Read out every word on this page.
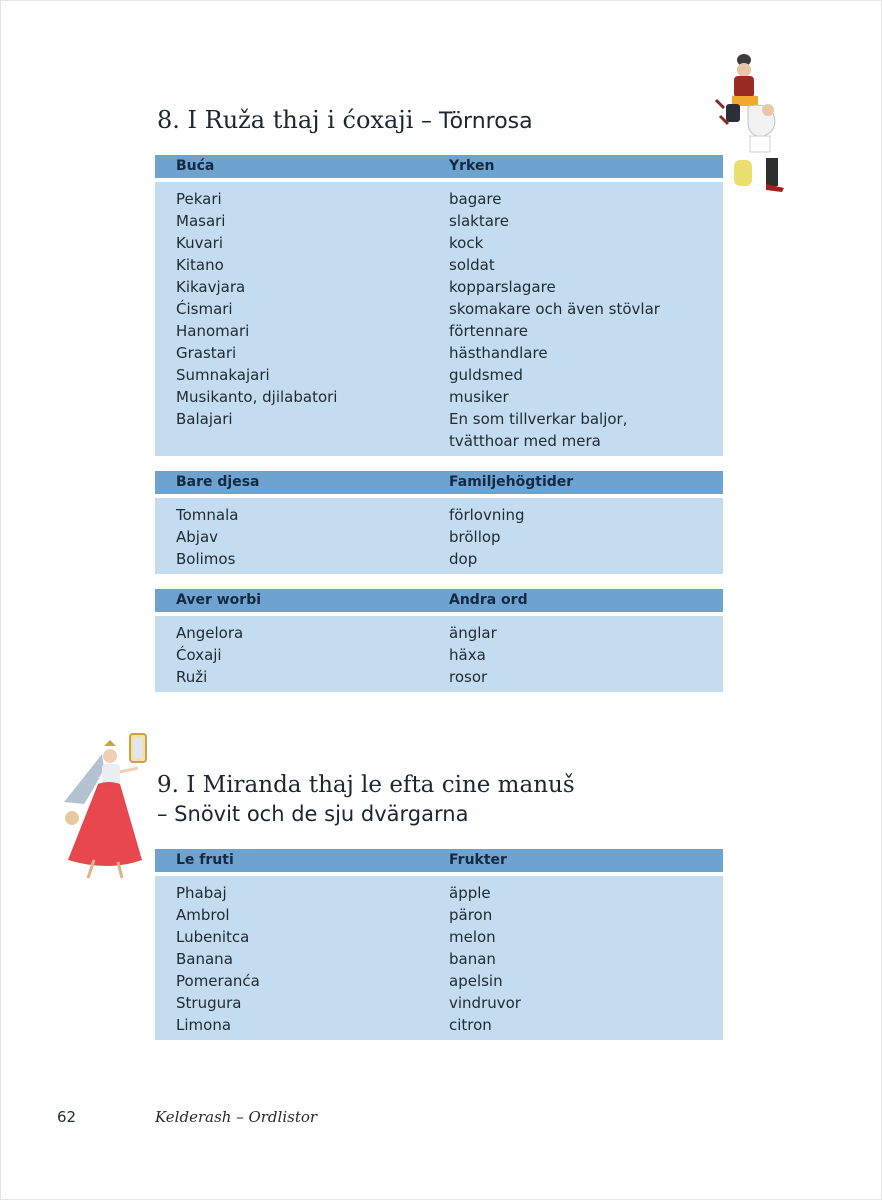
8. I Ruža thaj i ćoxaji – Törnrosa
Buća	Yrken
Pekari	bagare
Masari	slaktare
Kuvari	kock
Kitano	soldat
Kikavjara	kopparslagare
Ćismari	skomakare och även stövlar
Hanomari	förtennare
Grastari	hästhandlare
Sumnakajari	guldsmed
Musikanto, djilabatori	musiker
Balajari	En som tillverkar baljor,
tvätthoar med mera
Bare djesa	Familjehögtider
Tomnala	förlovning
Abjav	bröllop
Bolimos	dop
Aver worbi	Andra ord
Angelora	änglar
Ćoxaji	häxa
Ruži	rosor
9. I Miranda thaj le efta cine manuš
– Snövit och de sju dvärgarna
Le fruti	Frukter
Phabaj	äpple
Ambrol	päron
Lubenitca	melon
Banana	banan
Pomeranća	apelsin
Strugura	vindruvor
Limona	citron
62	Kelderash – Ordlistor
